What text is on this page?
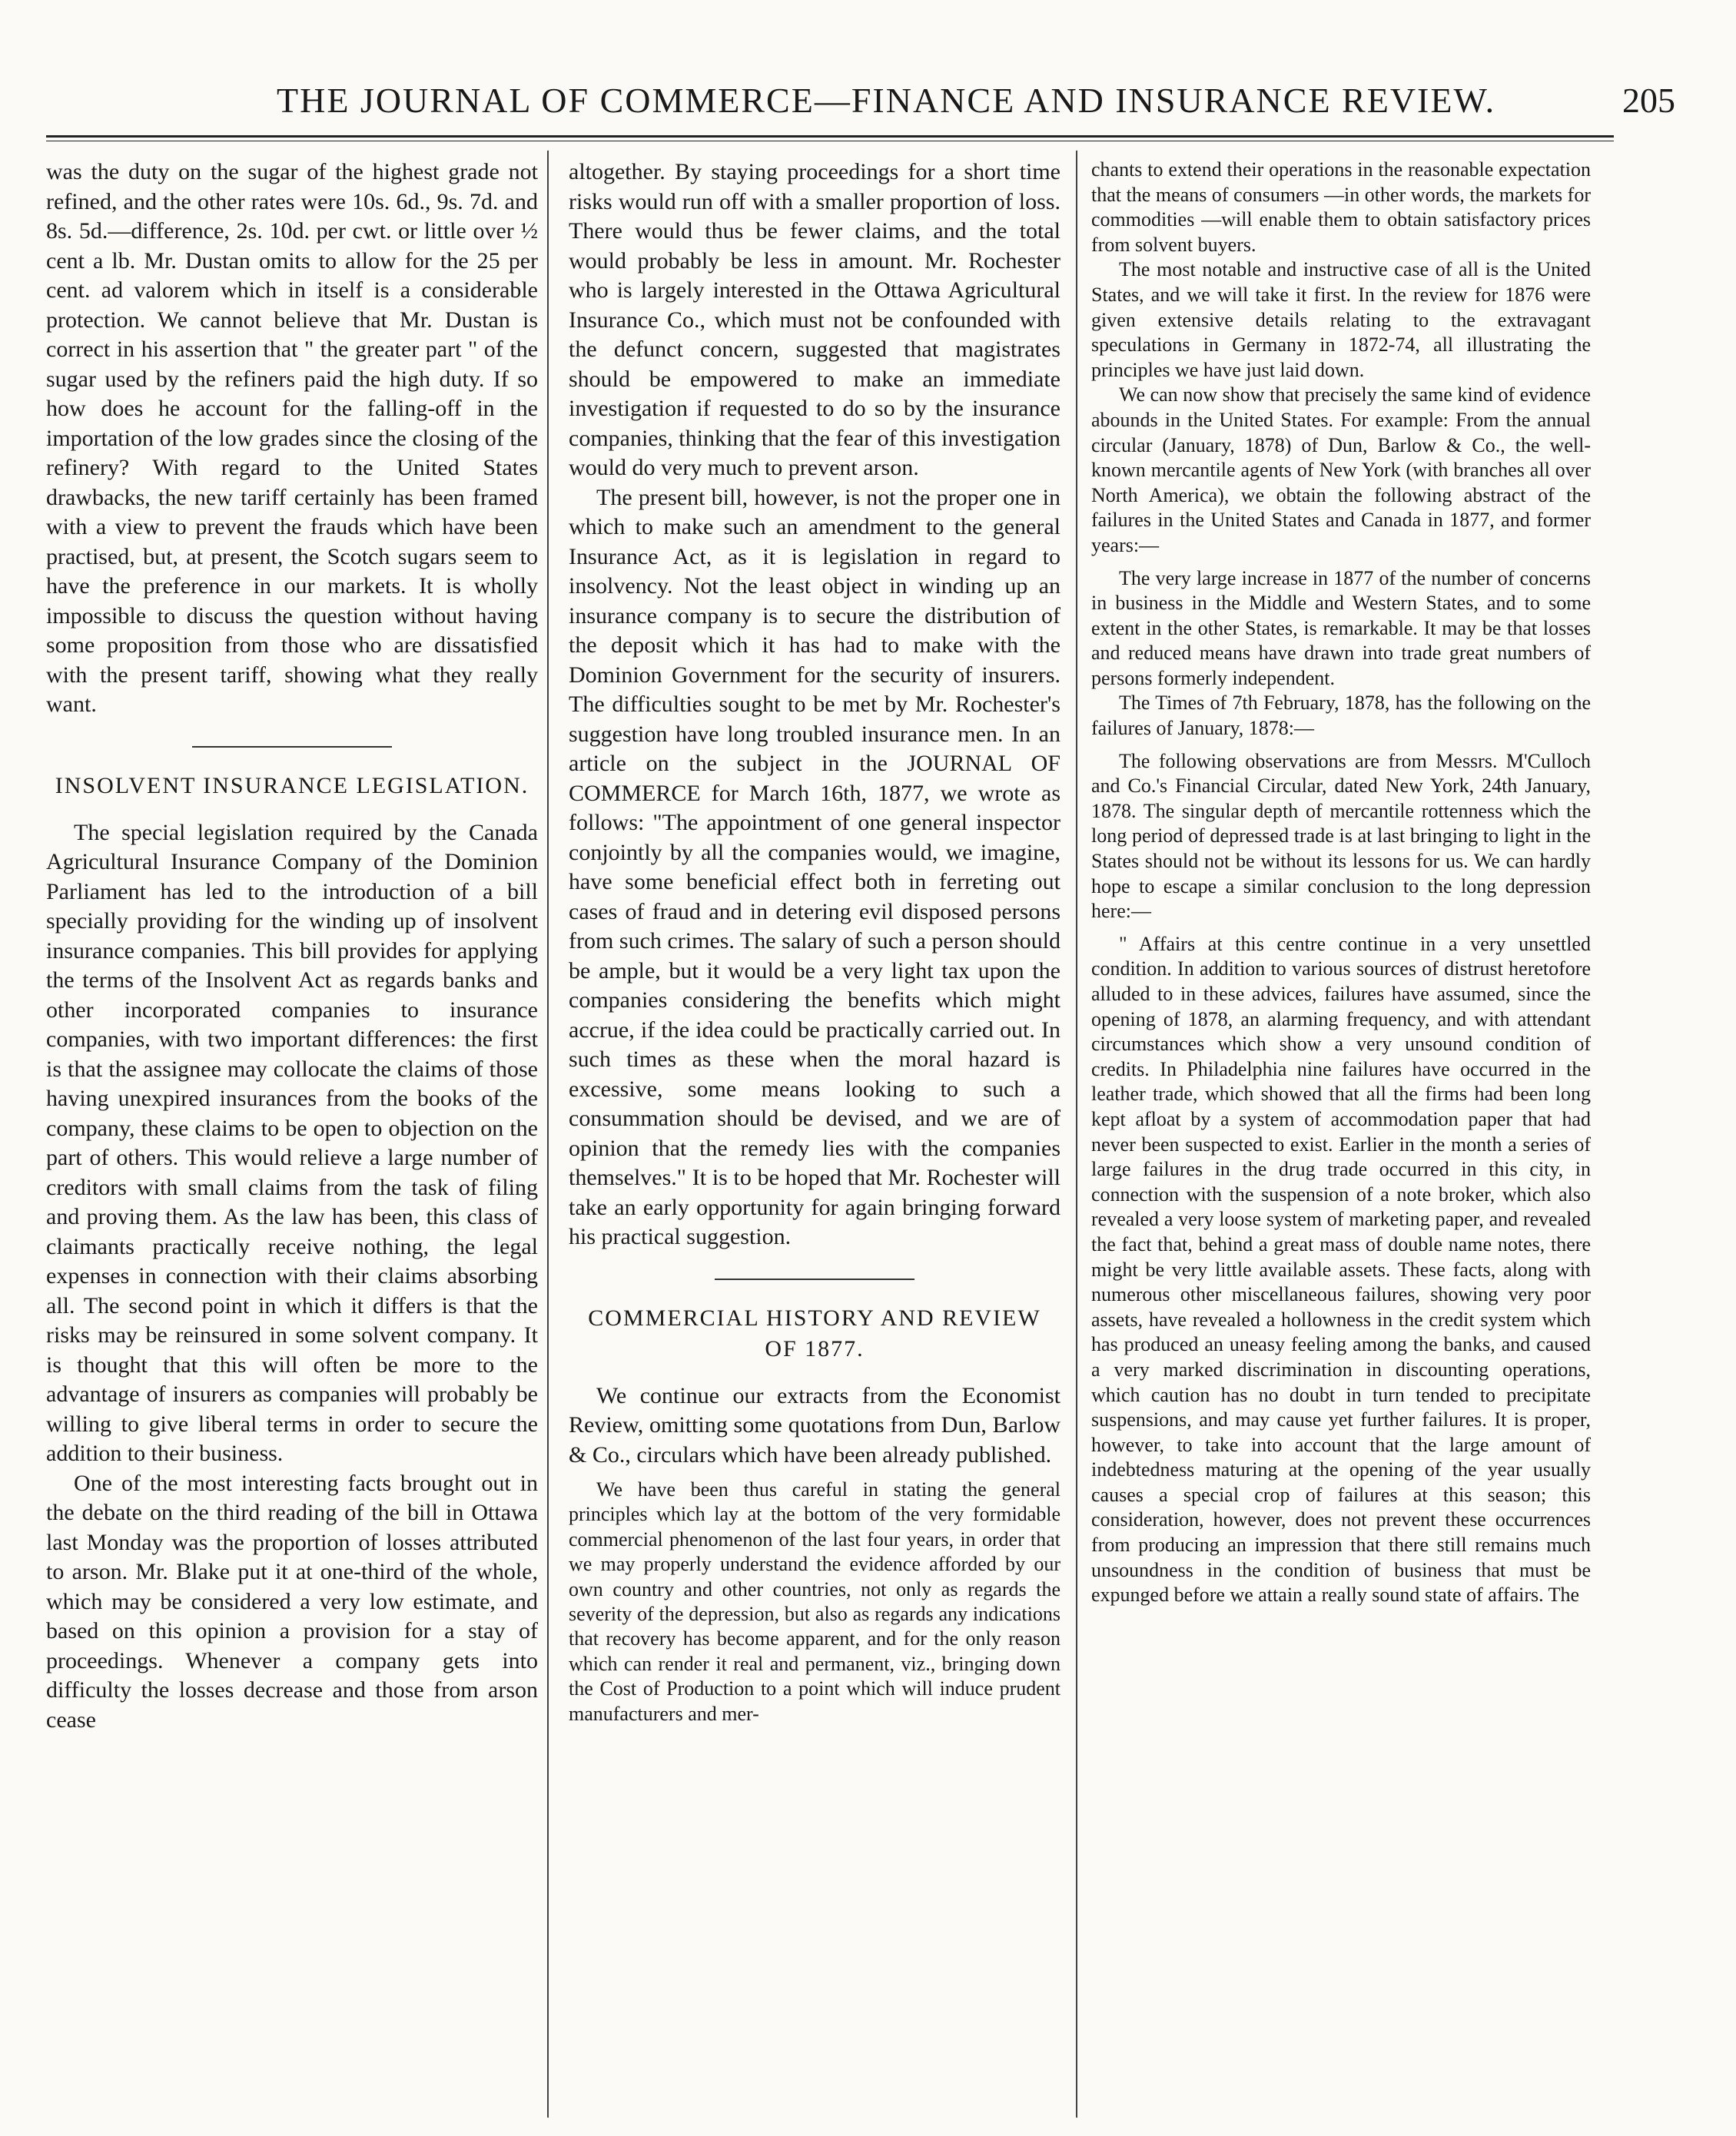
THE JOURNAL OF COMMERCE—FINANCE AND INSURANCE REVIEW.	205

was the duty on the sugar of the highest grade not refined, and the other rates were 10s. 6d., 9s. 7d. and 8s. 5d.—difference, 2s. 10d. per cwt. or little over ½ cent a lb. Mr. Dustan omits to allow for the 25 per cent. ad valorem which in itself is a considerable protection. We cannot believe that Mr. Dustan is correct in his assertion that " the greater part " of the sugar used by the refiners paid the high duty. If so how does he account for the falling-off in the importation of the low grades since the closing of the refinery? With regard to the United States drawbacks, the new tariff certainly has been framed with a view to prevent the frauds which have been practised, but, at present, the Scotch sugars seem to have the preference in our markets. It is wholly impossible to discuss the question without having some proposition from those who are dissatisfied with the present tariff, showing what they really want.

INSOLVENT INSURANCE LEGISLATION.

The special legislation required by the Canada Agricultural Insurance Company of the Dominion Parliament has led to the introduction of a bill specially providing for the winding up of insolvent insurance companies. This bill provides for applying the terms of the Insolvent Act as regards banks and other incorporated companies to insurance companies, with two important differences: the first is that the assignee may collocate the claims of those having unexpired insurances from the books of the company, these claims to be open to objection on the part of others. This would relieve a large number of creditors with small claims from the task of filing and proving them. As the law has been, this class of claimants practically receive nothing, the legal expenses in connection with their claims absorbing all. The second point in which it differs is that the risks may be reinsured in some solvent company. It is thought that this will often be more to the advantage of insurers as companies will probably be willing to give liberal terms in order to secure the addition to their business.

One of the most interesting facts brought out in the debate on the third reading of the bill in Ottawa last Monday was the proportion of losses attributed to arson. Mr. Blake put it at one-third of the whole, which may be considered a very low estimate, and based on this opinion a provision for a stay of proceedings. Whenever a company gets into difficulty the losses decrease and those from arson cease

altogether. By staying proceedings for a short time risks would run off with a smaller proportion of loss. There would thus be fewer claims, and the total would probably be less in amount. Mr. Rochester who is largely interested in the Ottawa Agricultural Insurance Co., which must not be confounded with the defunct concern, suggested that magistrates should be empowered to make an immediate investigation if requested to do so by the insurance companies, thinking that the fear of this investigation would do very much to prevent arson.

The present bill, however, is not the proper one in which to make such an amendment to the general Insurance Act, as it is legislation in regard to insolvency. Not the least object in winding up an insurance company is to secure the distribution of the deposit which it has had to make with the Dominion Government for the security of insurers. The difficulties sought to be met by Mr. Rochester's suggestion have long troubled insurance men. In an article on the subject in the JOURNAL OF COMMERCE for March 16th, 1877, we wrote as follows: "The appointment of one general inspector conjointly by all the companies would, we imagine, have some beneficial effect both in ferreting out cases of fraud and in detering evil disposed persons from such crimes. The salary of such a person should be ample, but it would be a very light tax upon the companies considering the benefits which might accrue, if the idea could be practically carried out. In such times as these when the moral hazard is excessive, some means looking to such a consummation should be devised, and we are of opinion that the remedy lies with the companies themselves." It is to be hoped that Mr. Rochester will take an early opportunity for again bringing forward his practical suggestion.

COMMERCIAL HISTORY AND REVIEW OF 1877.

We continue our extracts from the Economist Review, omitting some quotations from Dun, Barlow & Co., circulars which have been already published.

We have been thus careful in stating the general principles which lay at the bottom of the very formidable commercial phenomenon of the last four years, in order that we may properly understand the evidence afforded by our own country and other countries, not only as regards the severity of the depression, but also as regards any indications that recovery has become apparent, and for the only reason which can render it real and permanent, viz., bringing down the Cost of Production to a point which will induce prudent manufacturers and mer-

chants to extend their operations in the reasonable expectation that the means of consumers —in other words, the markets for commodities —will enable them to obtain satisfactory prices from solvent buyers.

The most notable and instructive case of all is the United States, and we will take it first. In the review for 1876 were given extensive details relating to the extravagant speculations in Germany in 1872-74, all illustrating the principles we have just laid down.

We can now show that precisely the same kind of evidence abounds in the United States. For example: From the annual circular (January, 1878) of Dun, Barlow & Co., the well-known mercantile agents of New York (with branches all over North America), we obtain the following abstract of the failures in the United States and Canada in 1877, and former years:—

The very large increase in 1877 of the number of concerns in business in the Middle and Western States, and to some extent in the other States, is remarkable. It may be that losses and reduced means have drawn into trade great numbers of persons formerly independent.

The Times of 7th February, 1878, has the following on the failures of January, 1878:—

The following observations are from Messrs. M'Culloch and Co.'s Financial Circular, dated New York, 24th January, 1878. The singular depth of mercantile rottenness which the long period of depressed trade is at last bringing to light in the States should not be without its lessons for us. We can hardly hope to escape a similar conclusion to the long depression here:—

" Affairs at this centre continue in a very unsettled condition. In addition to various sources of distrust heretofore alluded to in these advices, failures have assumed, since the opening of 1878, an alarming frequency, and with attendant circumstances which show a very unsound condition of credits. In Philadelphia nine failures have occurred in the leather trade, which showed that all the firms had been long kept afloat by a system of accommodation paper that had never been suspected to exist. Earlier in the month a series of large failures in the drug trade occurred in this city, in connection with the suspension of a note broker, which also revealed a very loose system of marketing paper, and revealed the fact that, behind a great mass of double name notes, there might be very little available assets. These facts, along with numerous other miscellaneous failures, showing very poor assets, have revealed a hollowness in the credit system which has produced an uneasy feeling among the banks, and caused a very marked discrimination in discounting operations, which caution has no doubt in turn tended to precipitate suspensions, and may cause yet further failures. It is proper, however, to take into account that the large amount of indebtedness maturing at the opening of the year usually causes a special crop of failures at this season; this consideration, however, does not prevent these occurrences from producing an impression that there still remains much unsoundness in the condition of business that must be expunged before we attain a really sound state of affairs. The
